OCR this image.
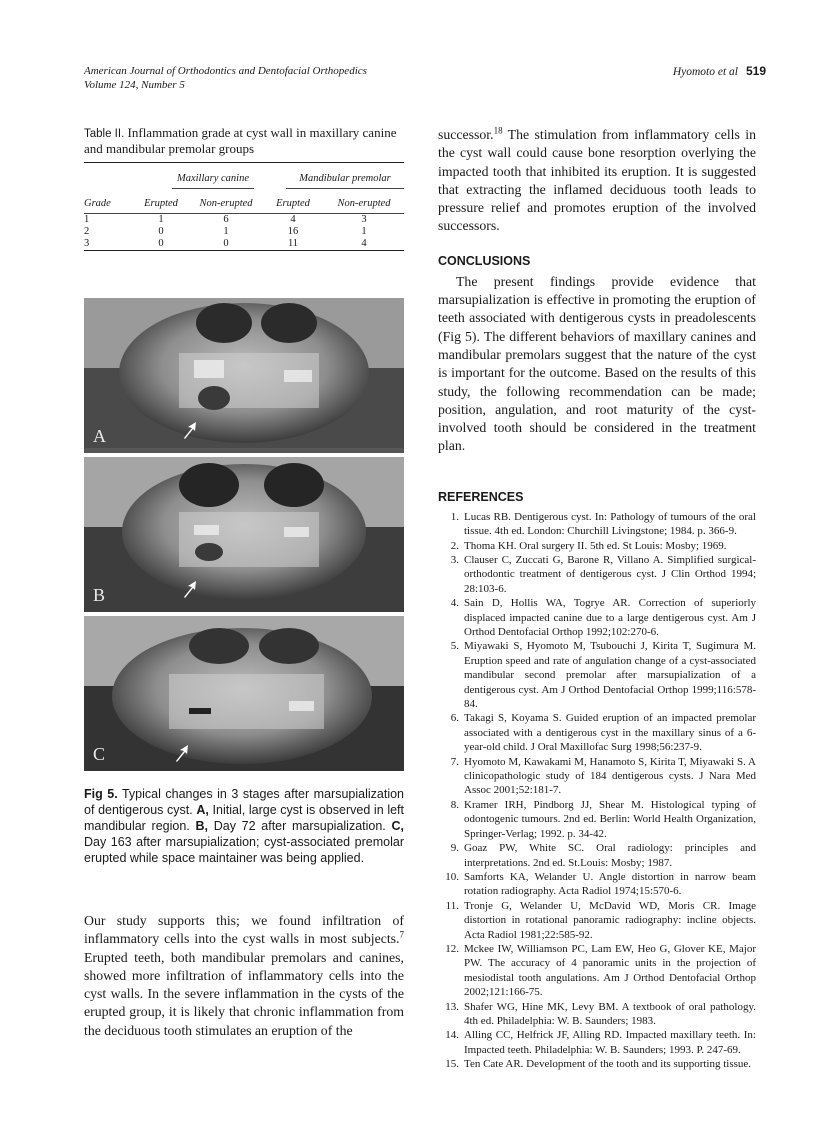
American Journal of Orthodontics and Dentofacial Orthopedics
Volume 124, Number 5
Hyomoto et al 519
Table II. Inflammation grade at cyst wall in maxillary canine and mandibular premolar groups
	Maxillary canine		Mandibular premolar	
Grade	Erupted	Non-erupted	Erupted	Non-erupted
1	1	6	4	3
2	0	1	16	1
3	0	0	11	4
A
B
C
Fig 5. Typical changes in 3 stages after marsupialization of dentigerous cyst. A, Initial, large cyst is observed in left mandibular region. B, Day 72 after marsupialization. C, Day 163 after marsupialization; cyst-associated premolar erupted while space maintainer was being applied.
Our study supports this; we found infiltration of inflammatory cells into the cyst walls in most subjects.$^7$ Erupted teeth, both mandibular premolars and canines, showed more infiltration of inflammatory cells into the cyst walls. In the severe inflammation in the cysts of the erupted group, it is likely that chronic inflammation from the deciduous tooth stimulates an eruption of the
successor.$^{18}$ The stimulation from inflammatory cells in the cyst wall could cause bone resorption overlying the impacted tooth that inhibited its eruption. It is suggested that extracting the inflamed deciduous tooth leads to pressure relief and promotes eruption of the involved successors.
CONCLUSIONS
The present findings provide evidence that marsupialization is effective in promoting the eruption of teeth associated with dentigerous cysts in preadolescents (Fig 5). The different behaviors of maxillary canines and mandibular premolars suggest that the nature of the cyst is important for the outcome. Based on the results of this study, the following recommendation can be made; position, angulation, and root maturity of the cyst-involved tooth should be considered in the treatment plan.
REFERENCES
1. Lucas RB. Dentigerous cyst. In: Pathology of tumours of the oral tissue. 4th ed. London: Churchill Livingstone; 1984. p. 366-9.
2. Thoma KH. Oral surgery II. 5th ed. St Louis: Mosby; 1969.
3. Clauser C, Zuccati G, Barone R, Villano A. Simplified surgical-orthodontic treatment of dentigerous cyst. J Clin Orthod 1994; 28:103-6.
4. Sain D, Hollis WA, Togrye AR. Correction of superiorly displaced impacted canine due to a large dentigerous cyst. Am J Orthod Dentofacial Orthop 1992;102:270-6.
5. Miyawaki S, Hyomoto M, Tsubouchi J, Kirita T, Sugimura M. Eruption speed and rate of angulation change of a cyst-associated mandibular second premolar after marsupialization of a dentigerous cyst. Am J Orthod Dentofacial Orthop 1999;116:578-84.
6. Takagi S, Koyama S. Guided eruption of an impacted premolar associated with a dentigerous cyst in the maxillary sinus of a 6-year-old child. J Oral Maxillofac Surg 1998;56:237-9.
7. Hyomoto M, Kawakami M, Hanamoto S, Kirita T, Miyawaki S. A clinicopathologic study of 184 dentigerous cysts. J Nara Med Assoc 2001;52:181-7.
8. Kramer IRH, Pindborg JJ, Shear M. Histological typing of odontogenic tumours. 2nd ed. Berlin: World Health Organization, Springer-Verlag; 1992. p. 34-42.
9. Goaz PW, White SC. Oral radiology: principles and interpretations. 2nd ed. St.Louis: Mosby; 1987.
10. Samforts KA, Welander U. Angle distortion in narrow beam rotation radiography. Acta Radiol 1974;15:570-6.
11. Tronje G, Welander U, McDavid WD, Moris CR. Image distortion in rotational panoramic radiography: incline objects. Acta Radiol 1981;22:585-92.
12. Mckee IW, Williamson PC, Lam EW, Heo G, Glover KE, Major PW. The accuracy of 4 panoramic units in the projection of mesiodistal tooth angulations. Am J Orthod Dentofacial Orthop 2002;121:166-75.
13. Shafer WG, Hine MK, Levy BM. A textbook of oral pathology. 4th ed. Philadelphia: W. B. Saunders; 1983.
14. Alling CC, Helfrick JF, Alling RD. Impacted maxillary teeth. In: Impacted teeth. Philadelphia: W. B. Saunders; 1993. P. 247-69.
15. Ten Cate AR. Development of the tooth and its supporting tissue.
